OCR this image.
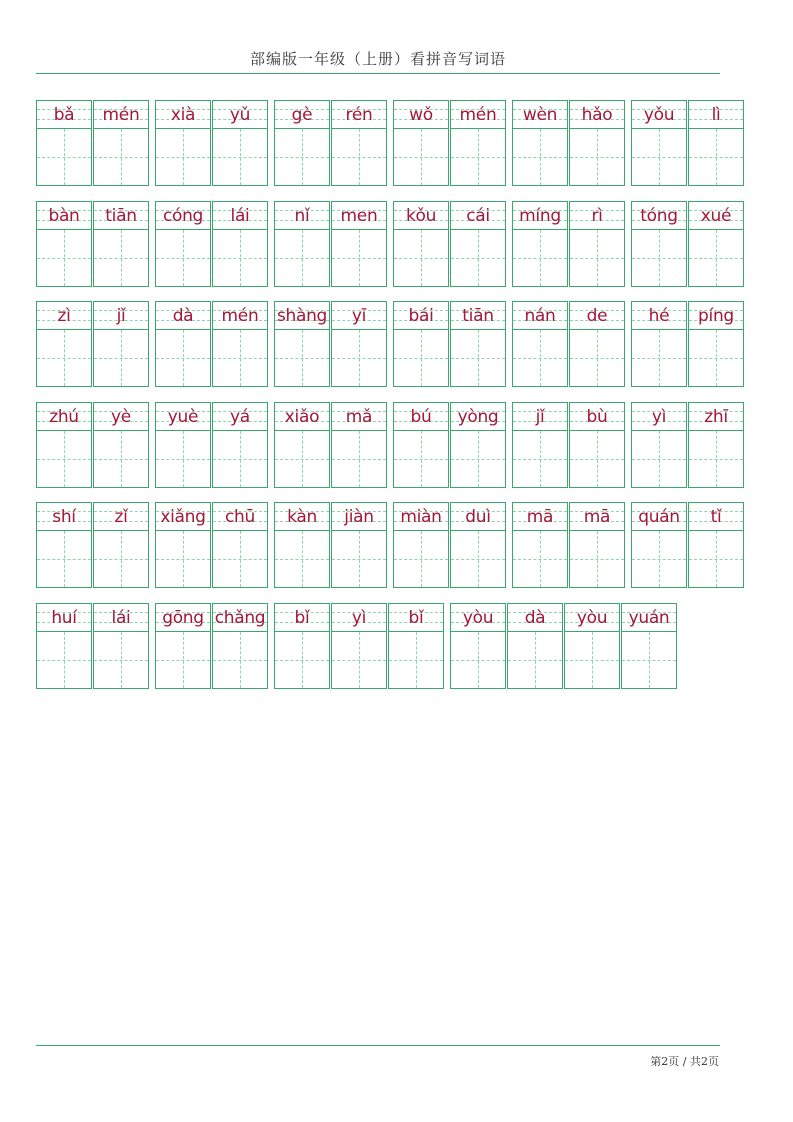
部编版一年级（上册）看拼音写词语
bǎ mén xià yǔ gè rén wǒ mén wèn hǎo yǒu lì
bàn tiān cóng lái	nǐ men kǒu cái míng rì tóng xué
zì	jǐ	dà mén shàng yī bái tiān nán de hé píng
zhú yè yuè yá xiǎo mǎ bú yòng jǐ bù	yì zhī
shí zǐ xiǎng chū kàn jiàn miàn duì mā mā quán tǐ
huí lái gōng chǎng bǐ yì bǐ yòu dà yòu yuán
第2页 / 共2页
